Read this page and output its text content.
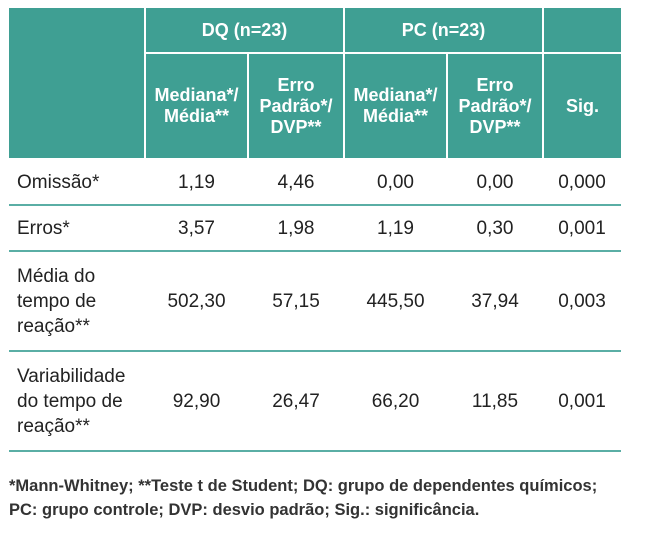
	DQ (n=23)		PC (n=23)		
	Mediana*/ Média**	Erro Padrão*/ DVP**	Mediana*/ Média**	Erro Padrão*/ DVP**	Sig.
Omissão*	1,19	4,46	0,00	0,00	0,000
Erros*	3,57	1,98	1,19	0,30	0,001
Média do tempo de reação**	502,30	57,15	445,50	37,94	0,003
Variabilidade do tempo de reação**	92,90	26,47	66,20	11,85	0,001
*Mann-Whitney; **Teste t de Student; DQ: grupo de dependentes químicos; PC: grupo controle; DVP: desvio padrão; Sig.: significância.
